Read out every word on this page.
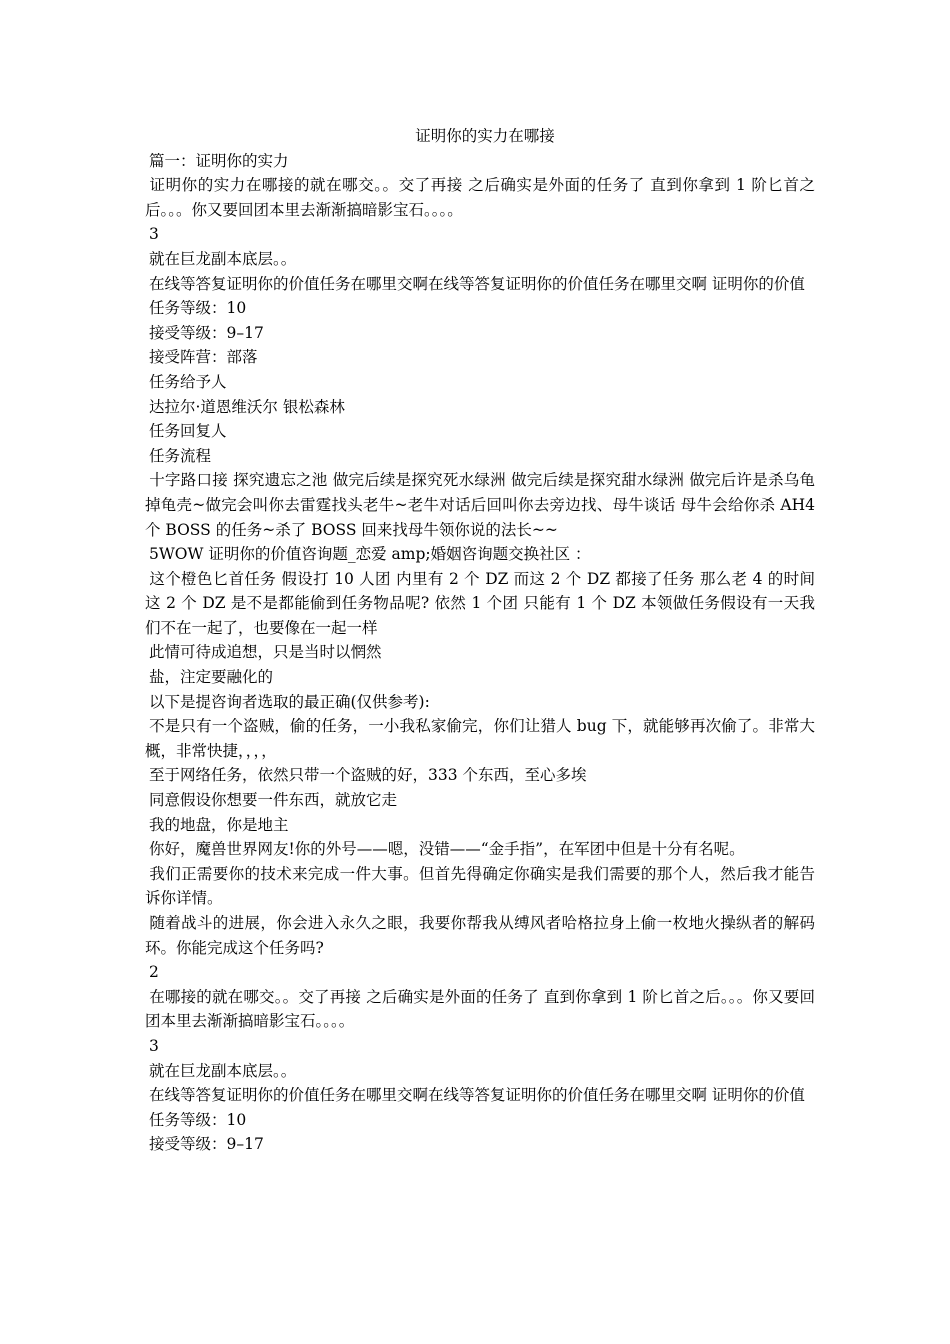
证明你的实力在哪接

篇一：证明你的实力

证明你的实力在哪接的就在哪交。。交了再接 之后确实是外面的任务了 直到你拿到 1 阶匕首之后。。。你又要回团本里去渐渐搞暗影宝石。。。。

3

就在巨龙副本底层。。

在线等答复证明你的价值任务在哪里交啊在线等答复证明你的价值任务在哪里交啊 证明你的价值

任务等级：10

接受等级：9–17

接受阵营：部落

任务给予人

达拉尔·道恩维沃尔 银松森林

任务回复人

任务流程

十字路口接 探究遗忘之池 做完后续是探究死水绿洲 做完后续是探究甜水绿洲 做完后许是杀乌龟掉龟壳~做完会叫你去雷霆找头老牛~老牛对话后回叫你去旁边找、母牛谈话 母牛会给你杀 AH4 个 BOSS 的任务~杀了 BOSS 回来找母牛领你说的法长~~

5WOW 证明你的价值咨询题_恋爱 amp;婚姻咨询题交换社区 ：

这个橙色匕首任务 假设打 10 人团 内里有 2 个 DZ 而这 2 个 DZ 都接了任务 那么老 4 的时间 这 2 个 DZ 是不是都能偷到任务物品呢? 依然 1 个团 只能有 1 个 DZ 本领做任务假设有一天我们不在一起了，也要像在一起一样

此情可待成追想，只是当时以惘然

盐，注定要融化的

以下是提咨询者选取的最正确(仅供参考):

不是只有一个盗贼，偷的任务，一小我私家偷完，你们让猎人 bug 下，就能够再次偷了。非常大概，非常快捷，，，，

至于网络任务，依然只带一个盗贼的好，333 个东西，至心多埃

同意假设你想要一件东西，就放它走

我的地盘，你是地主

你好，魔兽世界网友!你的外号——嗯，没错——“金手指”，在军团中但是十分有名呢。

我们正需要你的技术来完成一件大事。但首先得确定你确实是我们需要的那个人，然后我才能告诉你详情。

随着战斗的进展，你会进入永久之眼，我要你帮我从缚风者哈格拉身上偷一枚地火操纵者的解码环。你能完成这个任务吗?

2

在哪接的就在哪交。。交了再接 之后确实是外面的任务了 直到你拿到 1 阶匕首之后。。。你又要回团本里去渐渐搞暗影宝石。。。。

3

就在巨龙副本底层。。

在线等答复证明你的价值任务在哪里交啊在线等答复证明你的价值任务在哪里交啊 证明你的价值

任务等级：10

接受等级：9–17
